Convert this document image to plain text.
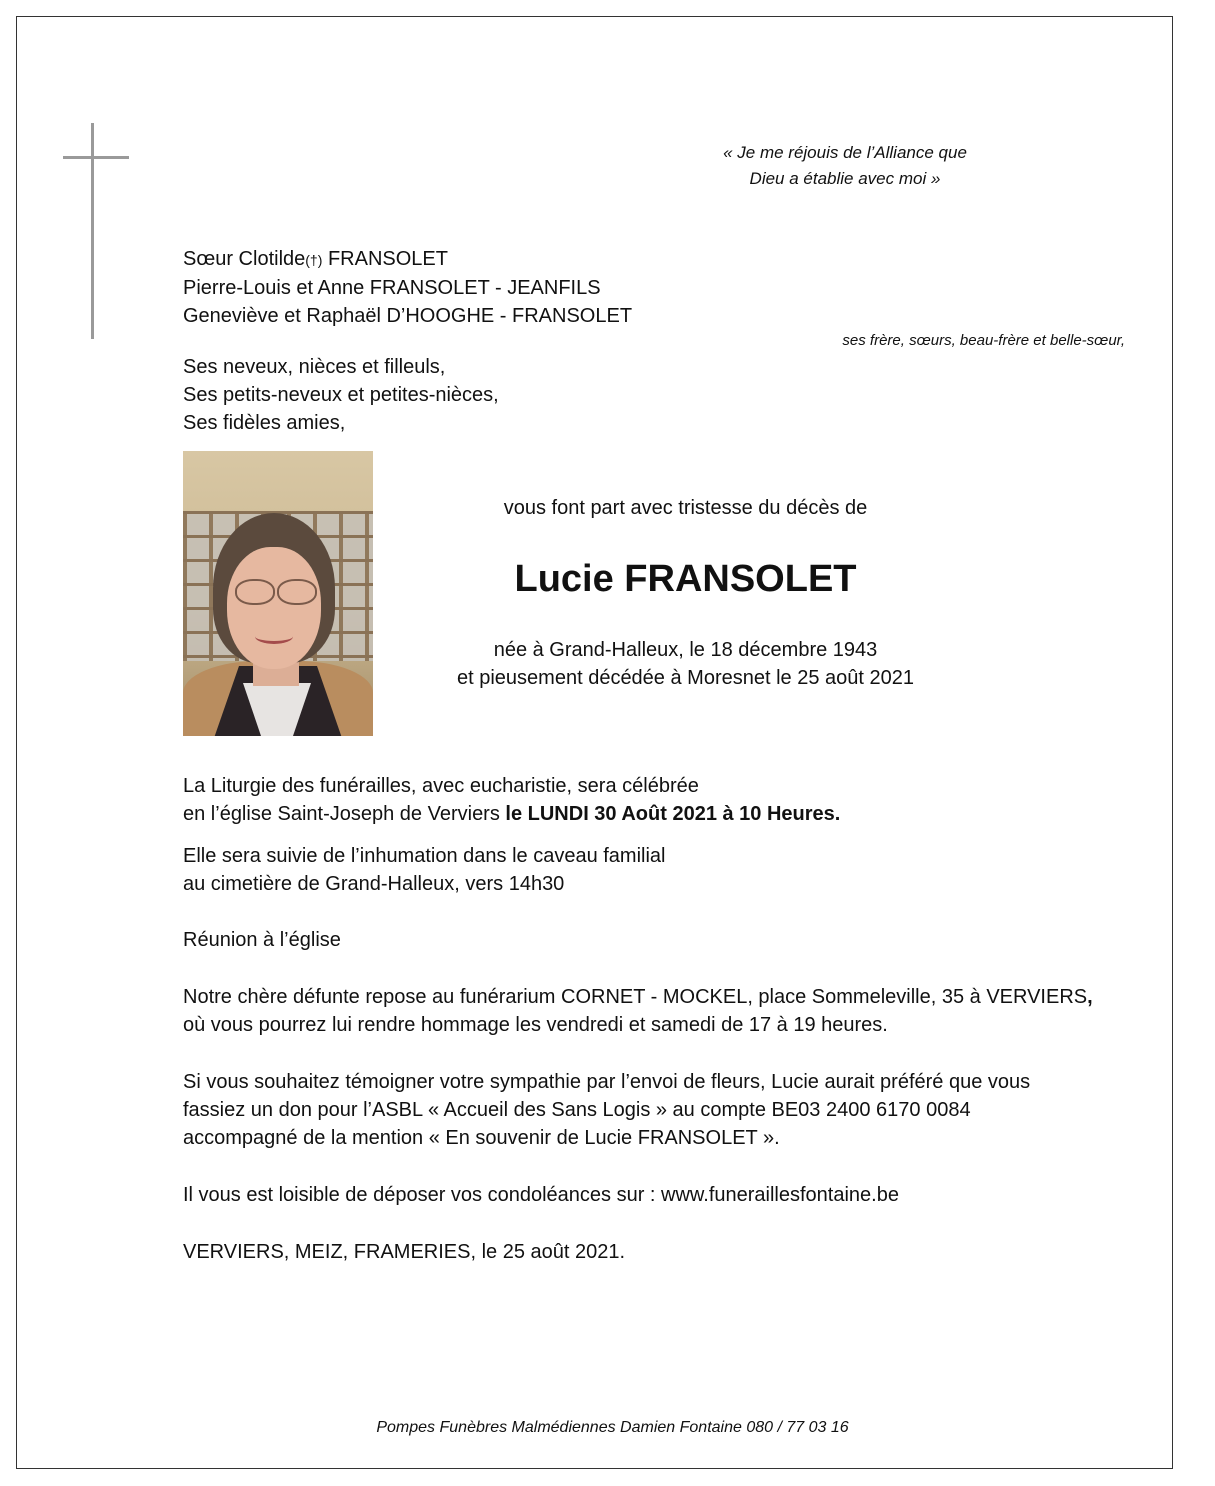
« Je me réjouis de l’Alliance que
Dieu a établie avec moi »
Sœur Clotilde(†) FRANSOLET
Pierre-Louis et Anne FRANSOLET - JEANFILS
Geneviève et Raphaël D’HOOGHE - FRANSOLET
ses frère, sœurs, beau-frère et belle-sœur,
Ses neveux, nièces et filleuls,
Ses petits-neveux et petites-nièces,
Ses fidèles amies,
vous font part avec tristesse du décès de
Lucie FRANSOLET
née à Grand-Halleux, le 18 décembre 1943
et pieusement décédée à Moresnet le 25 août 2021
La Liturgie des funérailles, avec eucharistie, sera célébrée
en l’église Saint-Joseph de Verviers le LUNDI 30 Août 2021 à 10 Heures.
Elle sera suivie de l’inhumation dans le caveau familial
au cimetière de Grand-Halleux, vers 14h30
Réunion à l’église
Notre chère défunte repose au funérarium CORNET - MOCKEL, place Sommeleville, 35 à VERVIERS,
où vous pourrez lui rendre hommage les vendredi et samedi de 17 à 19 heures.
Si vous souhaitez témoigner votre sympathie par l’envoi de fleurs, Lucie aurait préféré que vous
fassiez un don pour l’ASBL « Accueil des Sans Logis » au compte BE03 2400 6170 0084
accompagné de la mention « En souvenir de Lucie FRANSOLET ».
Il vous est loisible de déposer vos condoléances sur : www.funeraillesfontaine.be
VERVIERS, MEIZ, FRAMERIES, le 25 août 2021.
Pompes Funèbres Malmédiennes Damien Fontaine 080 / 77 03 16
